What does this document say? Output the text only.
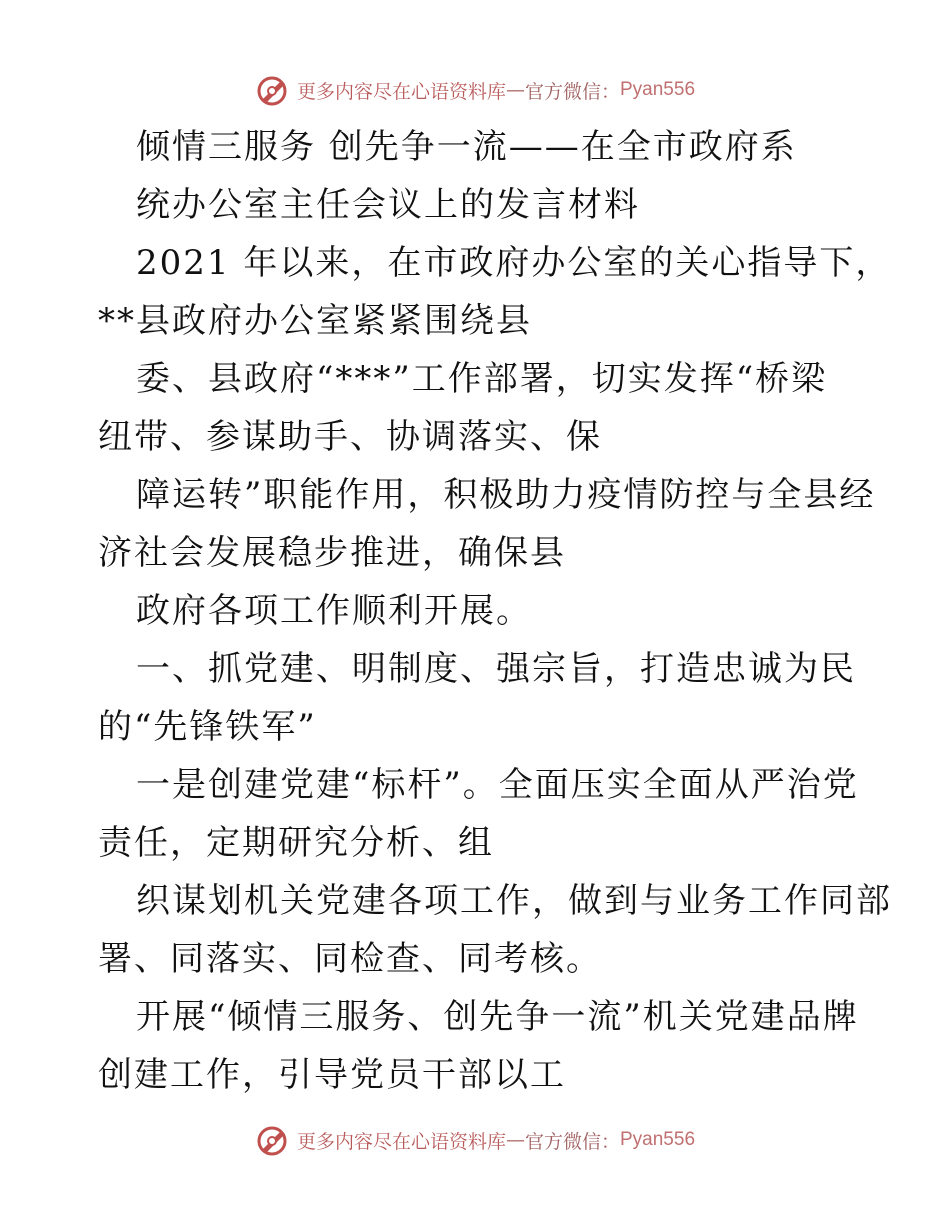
更多内容尽在心语资料库 — 官方微信： Pyan556
倾情三服务 创先争一流——在全市政府系
统办公室主任会议上的发言材料
2021 年以来，在市政府办公室的关心指导下，
**县政府办公室紧紧围绕县
委、县政府“***”工作部署，切实发挥“桥梁
纽带、参谋助手、协调落实、保
障运转”职能作用，积极助力疫情防控与全县经
济社会发展稳步推进，确保县
政府各项工作顺利开展。
一、抓党建、明制度、强宗旨，打造忠诚为民
的“先锋铁军”
一是创建党建“标杆”。全面压实全面从严治党
责任，定期研究分析、组
织谋划机关党建各项工作，做到与业务工作同部
署、同落实、同检查、同考核。
开展“倾情三服务、创先争一流”机关党建品牌
创建工作，引导党员干部以工
更多内容尽在心语资料库 — 官方微信： Pyan556
